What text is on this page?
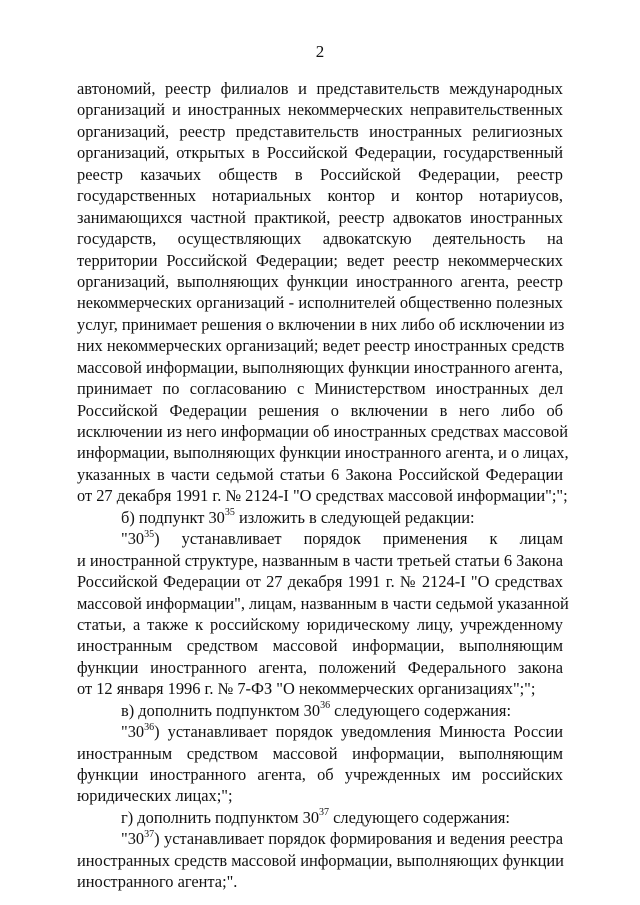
2
автономий, реестр филиалов и представительств международных
организаций и иностранных некоммерческих неправительственных
организаций, реестр представительств иностранных религиозных
организаций, открытых в Российской Федерации, государственный
реестр казачьих обществ в Российской Федерации, реестр
государственных нотариальных контор и контор нотариусов,
занимающихся частной практикой, реестр адвокатов иностранных
государств, осуществляющих адвокатскую деятельность на
территории Российской Федерации; ведет реестр некоммерческих
организаций, выполняющих функции иностранного агента, реестр
некоммерческих организаций - исполнителей общественно полезных
услуг, принимает решения о включении в них либо об исключении из
них некоммерческих организаций; ведет реестр иностранных средств
массовой информации, выполняющих функции иностранного агента,
принимает по согласованию с Министерством иностранных дел
Российской Федерации решения о включении в него либо об
исключении из него информации об иностранных средствах массовой
информации, выполняющих функции иностранного агента, и о лицах,
указанных в части седьмой статьи 6 Закона Российской Федерации
от 27 декабря 1991 г. № 2124-I "О средствах массовой информации";";
б) подпункт $30^{35}$ изложить в следующей редакции:
"$30^{35}$) устанавливает порядок применения к лицам
и иностранной структуре, названным в части третьей статьи 6 Закона
Российской Федерации от 27 декабря 1991 г. № 2124-I "О средствах
массовой информации", лицам, названным в части седьмой указанной
статьи, а также к российскому юридическому лицу, учрежденному
иностранным средством массовой информации, выполняющим
функции иностранного агента, положений Федерального закона
от 12 января 1996 г. № 7-ФЗ "О некоммерческих организациях";";
в) дополнить подпунктом $30^{36}$ следующего содержания:
"$30^{36}$) устанавливает порядок уведомления Минюста России
иностранным средством массовой информации, выполняющим
функции иностранного агента, об учрежденных им российских
юридических лицах;";
г) дополнить подпунктом $30^{37}$ следующего содержания:
"$30^{37}$) устанавливает порядок формирования и ведения реестра
иностранных средств массовой информации, выполняющих функции
иностранного агента;".
